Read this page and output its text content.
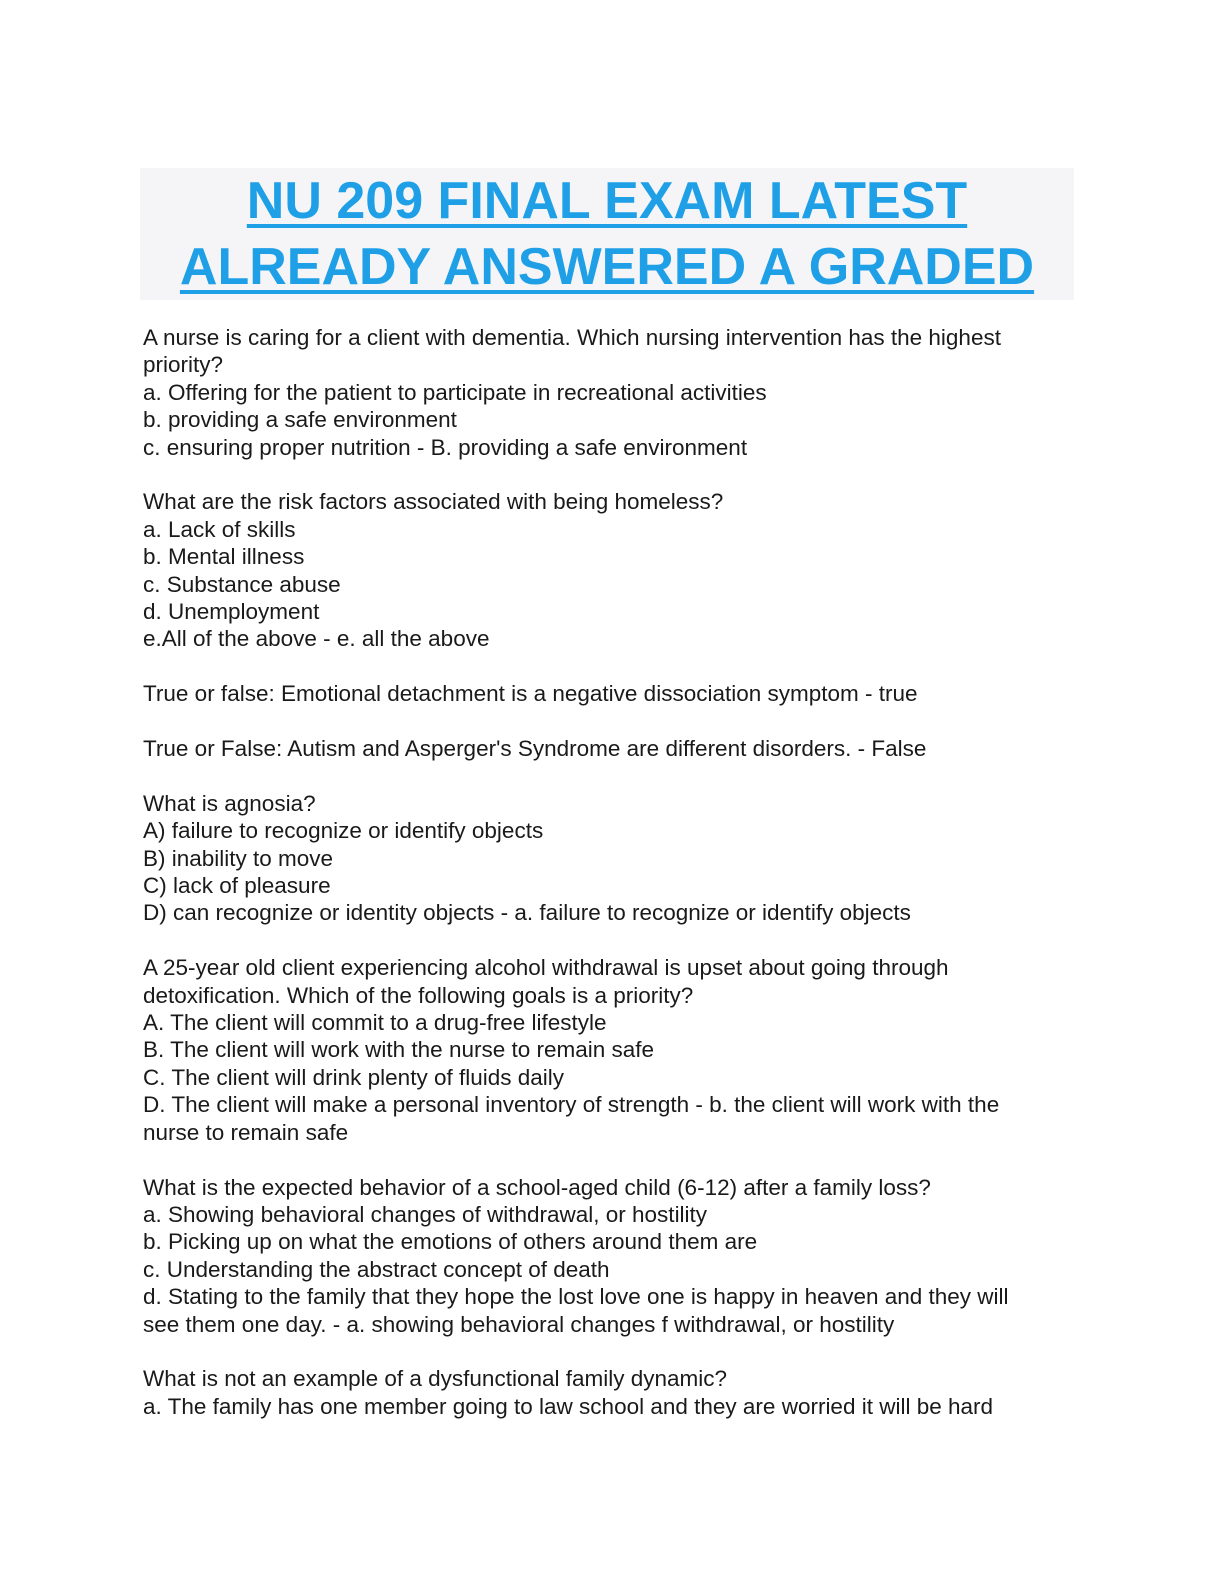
NU 209 FINAL EXAM LATEST
ALREADY ANSWERED A GRADED
A nurse is caring for a client with dementia. Which nursing intervention has the highest
priority?
a. Offering for the patient to participate in recreational activities
b. providing a safe environment
c. ensuring proper nutrition - B. providing a safe environment
What are the risk factors associated with being homeless?
a. Lack of skills
b. Mental illness
c. Substance abuse
d. Unemployment
e.All of the above - e. all the above
True or false: Emotional detachment is a negative dissociation symptom - true
True or False: Autism and Asperger's Syndrome are different disorders. - False
What is agnosia?
A) failure to recognize or identify objects
B) inability to move
C) lack of pleasure
D) can recognize or identity objects - a. failure to recognize or identify objects
A 25-year old client experiencing alcohol withdrawal is upset about going through
detoxification. Which of the following goals is a priority?
A. The client will commit to a drug-free lifestyle
B. The client will work with the nurse to remain safe
C. The client will drink plenty of fluids daily
D. The client will make a personal inventory of strength - b. the client will work with the
nurse to remain safe
What is the expected behavior of a school-aged child (6-12) after a family loss?
a. Showing behavioral changes of withdrawal, or hostility
b. Picking up on what the emotions of others around them are
c. Understanding the abstract concept of death
d. Stating to the family that they hope the lost love one is happy in heaven and they will
see them one day. - a. showing behavioral changes f withdrawal, or hostility
What is not an example of a dysfunctional family dynamic?
a. The family has one member going to law school and they are worried it will be hard
